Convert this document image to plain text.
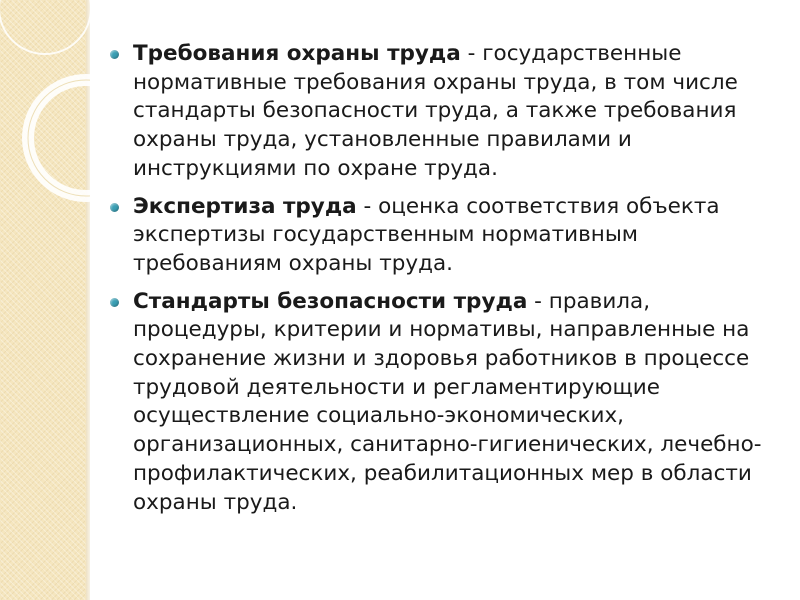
Требования охраны труда - государственные нормативные требования охраны труда, в том числе стандарты безопасности труда, а также требования охраны труда, установленные правилами и инструкциями по охране труда.
Экспертиза труда - оценка соответствия объекта экспертизы государственным нормативным требованиям охраны труда.
Стандарты безопасности труда - правила, процедуры, критерии и нормативы, направленные на сохранение жизни и здоровья работников в процессе трудовой деятельности и регламентирующие осуществление социально-экономических, организационных, санитарно-гигиенических, лечебно-профилактических, реабилитационных мер в области охраны труда.
